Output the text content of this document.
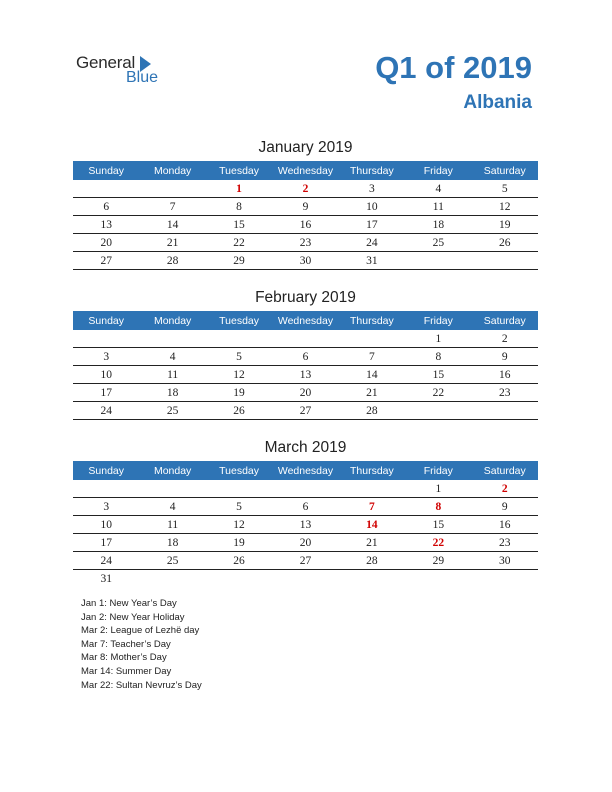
General
Blue	Q1 of 2019
Albania
January 2019
Sunday	Monday	Tuesday	Wednesday	Thursday	Friday	Saturday
		1	2	3	4	5
6	7	8	9	10	11	12
13	14	15	16	17	18	19
20	21	22	23	24	25	26
27	28	29	30	31		
February 2019
Sunday	Monday	Tuesday	Wednesday	Thursday	Friday	Saturday
					1	2
3	4	5	6	7	8	9
10	11	12	13	14	15	16
17	18	19	20	21	22	23
24	25	26	27	28		
March 2019
Sunday	Monday	Tuesday	Wednesday	Thursday	Friday	Saturday
					1	2
3	4	5	6	7	8	9
10	11	12	13	14	15	16
17	18	19	20	21	22	23
24	25	26	27	28	29	30
31						
Jan 1: New Year’s Day
Jan 2: New Year Holiday
Mar 2: League of Lezhë day
Mar 7: Teacher’s Day
Mar 8: Mother’s Day
Mar 14: Summer Day
Mar 22: Sultan Nevruz’s Day
